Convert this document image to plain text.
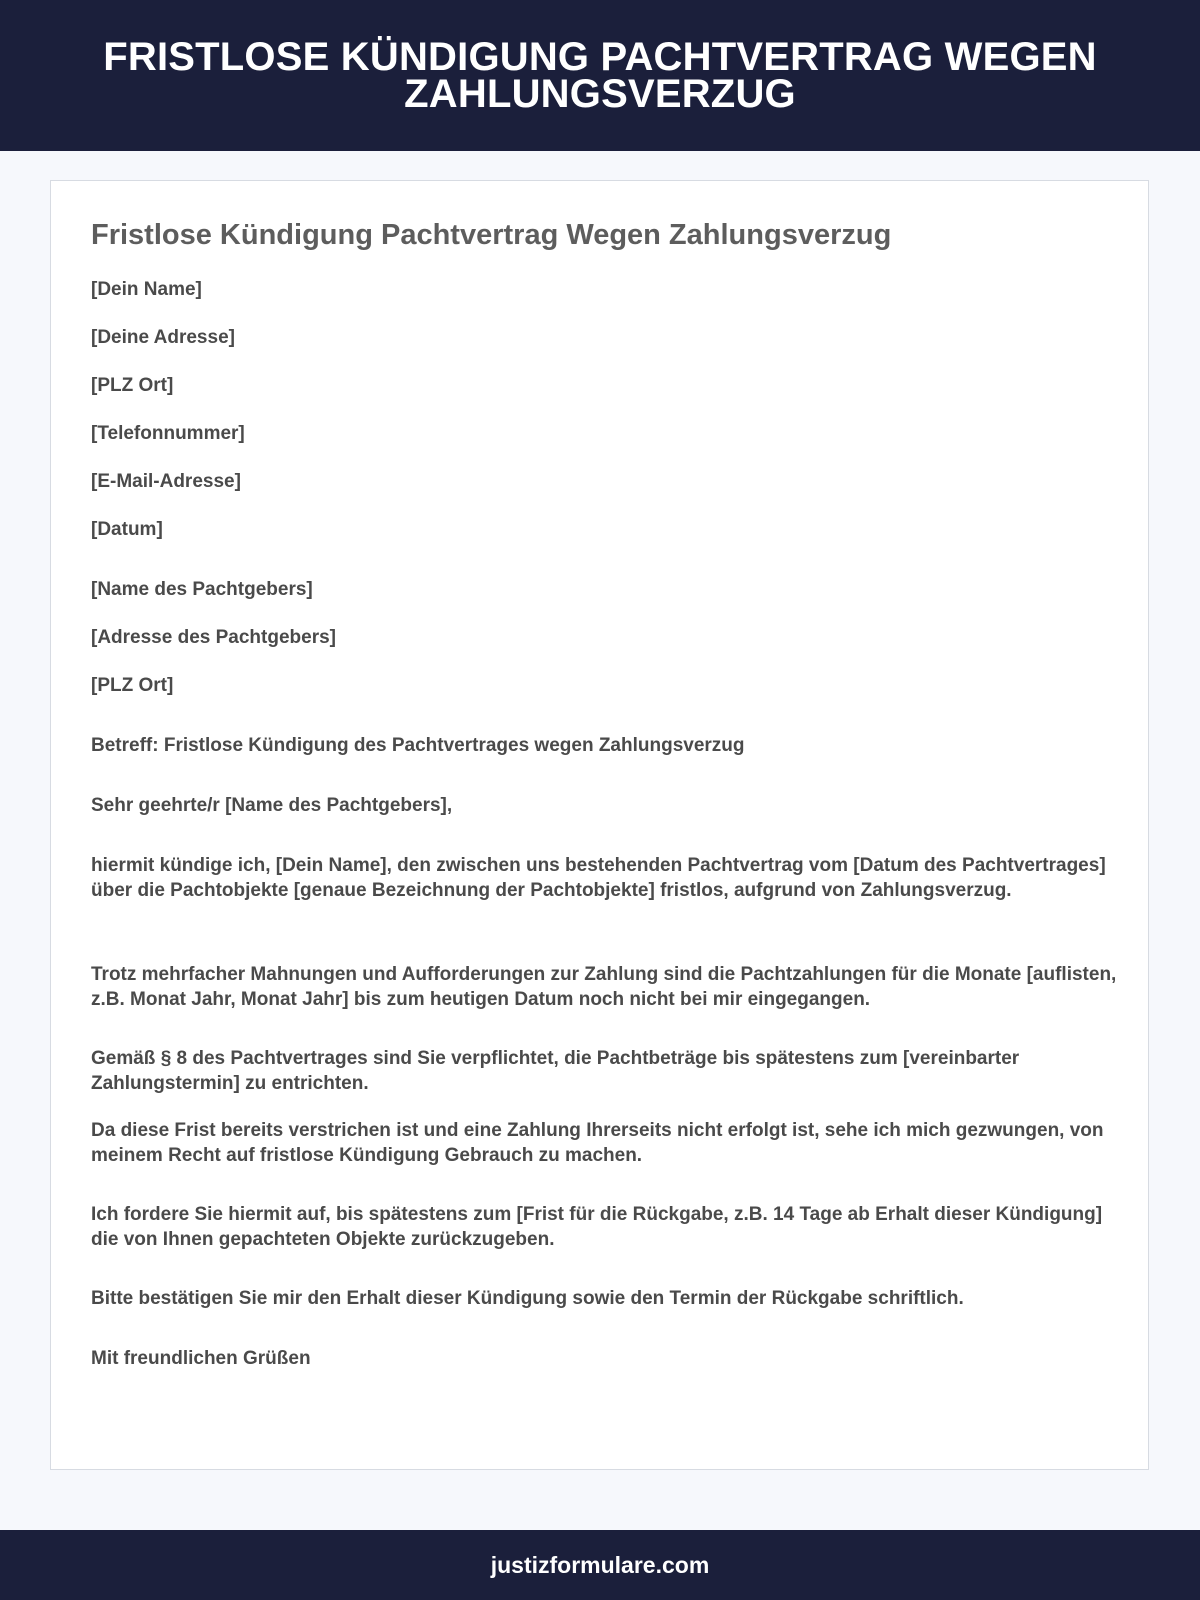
FRISTLOSE KÜNDIGUNG PACHTVERTRAG WEGEN ZAHLUNGSVERZUG
Fristlose Kündigung Pachtvertrag Wegen Zahlungsverzug

[Dein Name]

[Deine Adresse]

[PLZ Ort]

[Telefonnummer]

[E-Mail-Adresse]

[Datum]

[Name des Pachtgebers]

[Adresse des Pachtgebers]

[PLZ Ort]

Betreff: Fristlose Kündigung des Pachtvertrages wegen Zahlungsverzug

Sehr geehrte/r [Name des Pachtgebers],

hiermit kündige ich, [Dein Name], den zwischen uns bestehenden Pachtvertrag vom [Datum des Pachtvertrages] über die Pachtobjekte [genaue Bezeichnung der Pachtobjekte] fristlos, aufgrund von Zahlungsverzug.

Trotz mehrfacher Mahnungen und Aufforderungen zur Zahlung sind die Pachtzahlungen für die Monate [auflisten, z.B. Monat Jahr, Monat Jahr] bis zum heutigen Datum noch nicht bei mir eingegangen.

Gemäß § 8 des Pachtvertrages sind Sie verpflichtet, die Pachtbeträge bis spätestens zum [vereinbarter Zahlungstermin] zu entrichten.

Da diese Frist bereits verstrichen ist und eine Zahlung Ihrerseits nicht erfolgt ist, sehe ich mich gezwungen, von meinem Recht auf fristlose Kündigung Gebrauch zu machen.

Ich fordere Sie hiermit auf, bis spätestens zum [Frist für die Rückgabe, z.B. 14 Tage ab Erhalt dieser Kündigung] die von Ihnen gepachteten Objekte zurückzugeben.

Bitte bestätigen Sie mir den Erhalt dieser Kündigung sowie den Termin der Rückgabe schriftlich.

Mit freundlichen Grüßen

justizformulare.com
